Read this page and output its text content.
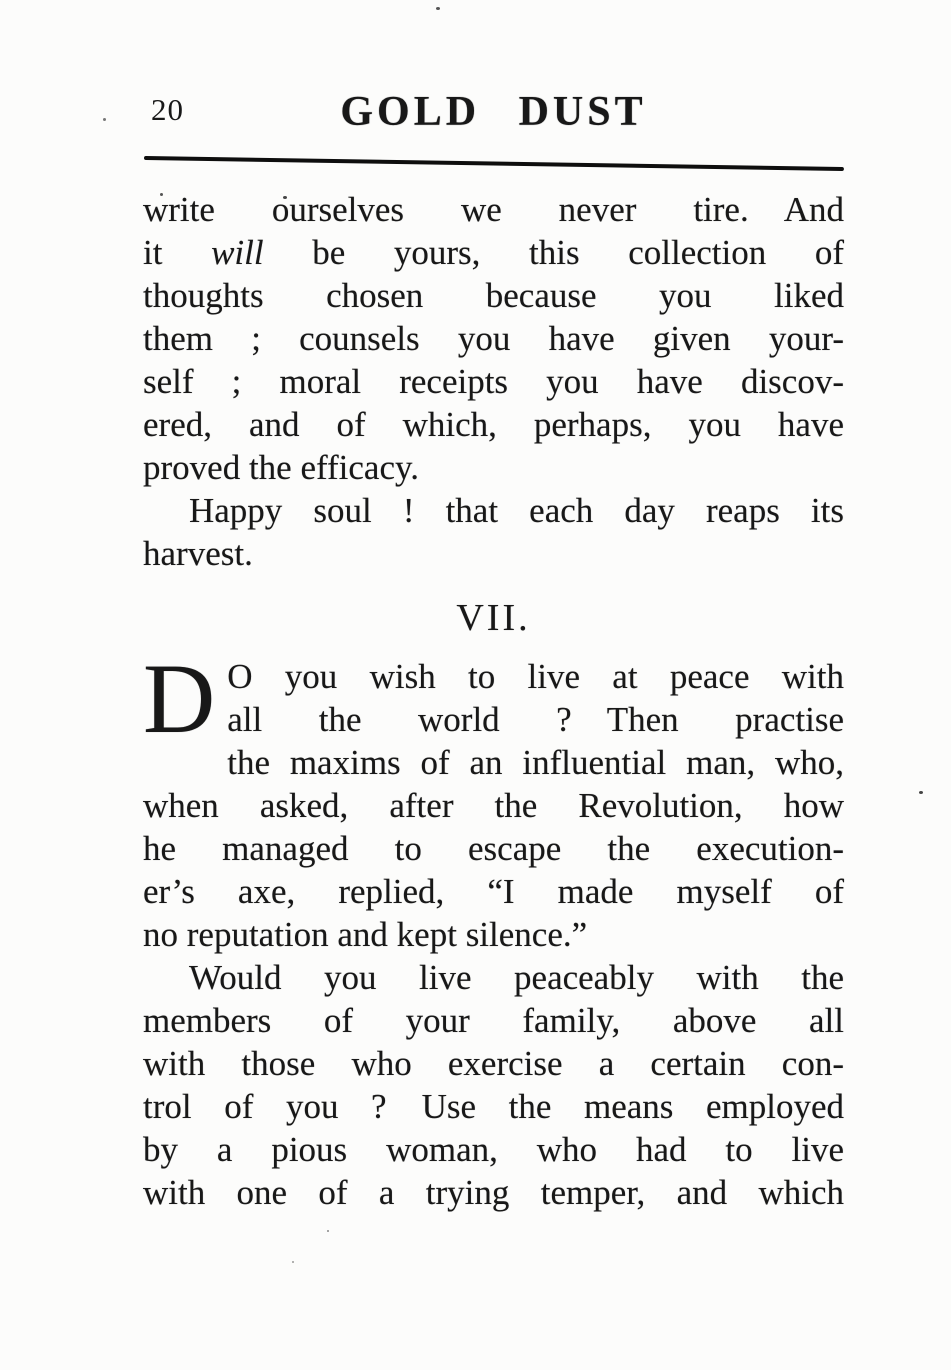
20	GOLD DUST
write ourselves we never tire. And
it will be yours, this collection of
thoughts chosen because you liked
them ; counsels you have given your-
self ; moral receipts you have discov-
ered, and of which, perhaps, you have
proved the efficacy.
Happy soul ! that each day reaps its
harvest.
VII.
D O you wish to live at peace with
all the world ? Then practise
the maxims of an influential man, who,
when asked, after the Revolution, how
he managed to escape the execution-
er’s axe, replied, “I made myself of
no reputation and kept silence.”
Would you live peaceably with the
members of your family, above all
with those who exercise a certain con-
trol of you ? Use the means employed
by a pious woman, who had to live
with one of a trying temper, and which
